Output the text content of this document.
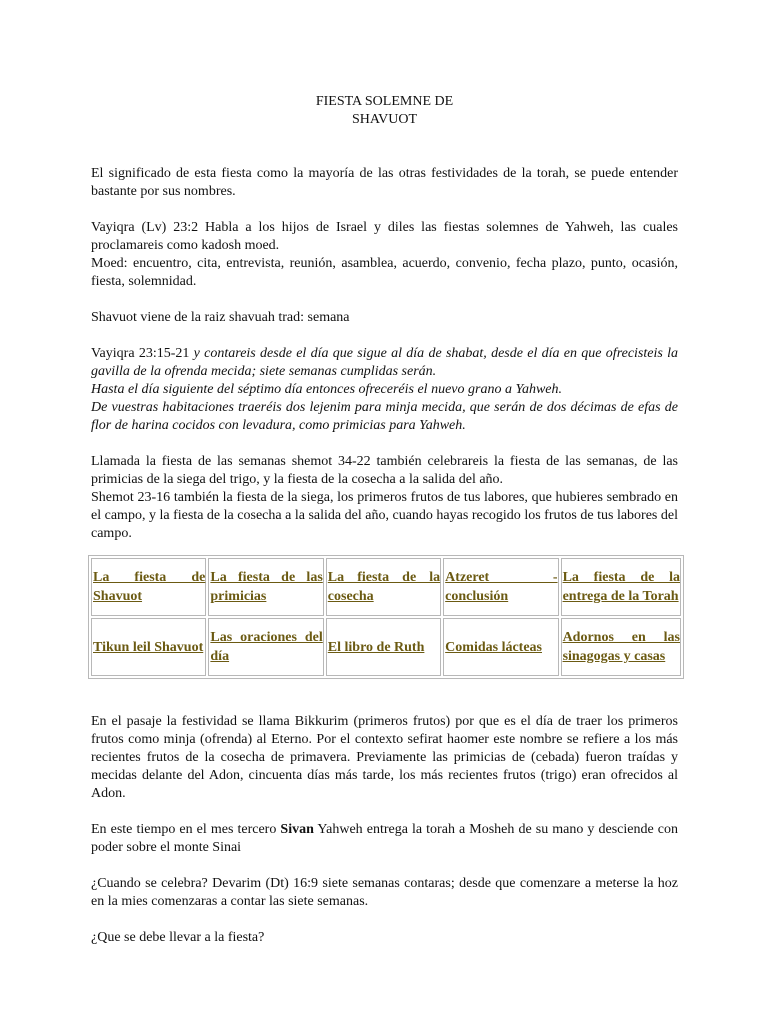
FIESTA SOLEMNE DE
SHAVUOT

El significado de esta fiesta como la mayoría de las otras festividades de la torah, se puede entender bastante por sus nombres.

Vayiqra (Lv) 23:2 Habla a los hijos de Israel y diles las fiestas solemnes de Yahweh, las cuales proclamareis como kadosh moed.

Moed: encuentro, cita, entrevista, reunión, asamblea, acuerdo, convenio, fecha plazo, punto, ocasión, fiesta, solemnidad.

Shavuot viene de la raiz shavuah trad: semana

Vayiqra 23:15-21 y contareis desde el día que sigue al día de shabat, desde el día en que ofrecisteis la gavilla de la ofrenda mecida; siete semanas cumplidas serán.

Hasta el día siguiente del séptimo día entonces ofreceréis el nuevo grano a Yahweh.

De vuestras habitaciones traeréis dos lejenim para minja mecida, que serán de dos décimas de efas de flor de harina cocidos con levadura, como primicias para Yahweh.

Llamada la fiesta de las semanas shemot 34-22 también celebrareis la fiesta de las semanas, de las primicias de la siega del trigo, y la fiesta de la cosecha a la salida del año.

Shemot 23-16 también la fiesta de la siega, los primeros frutos de tus labores, que hubieres sembrado en el campo, y la fiesta de la cosecha a la salida del año, cuando hayas recogido los frutos de tus labores del campo.

La fiesta de Shavuot	La fiesta de las primicias	La fiesta de la cosecha	Atzeret - conclusión	La fiesta de la entrega de la Torah

Tikun leil Shavuot	Las oraciones del día	El libro de Ruth	Comidas lácteas	Adornos en las sinagogas y casas

En el pasaje la festividad se llama Bikkurim (primeros frutos) por que es el día de traer los primeros frutos como minja (ofrenda) al Eterno. Por el contexto sefirat haomer este nombre se refiere a los más recientes frutos de la cosecha de primavera. Previamente las primicias de (cebada) fueron traídas y mecidas delante del Adon, cincuenta días más tarde, los más recientes frutos (trigo) eran ofrecidos al Adon.

En este tiempo en el mes tercero Sivan Yahweh entrega la torah a Mosheh de su mano y desciende con poder sobre el monte Sinai

¿Cuando se celebra? Devarim (Dt) 16:9 siete semanas contaras; desde que comenzare a meterse la hoz en la mies comenzaras a contar las siete semanas.

¿Que se debe llevar a la fiesta?
